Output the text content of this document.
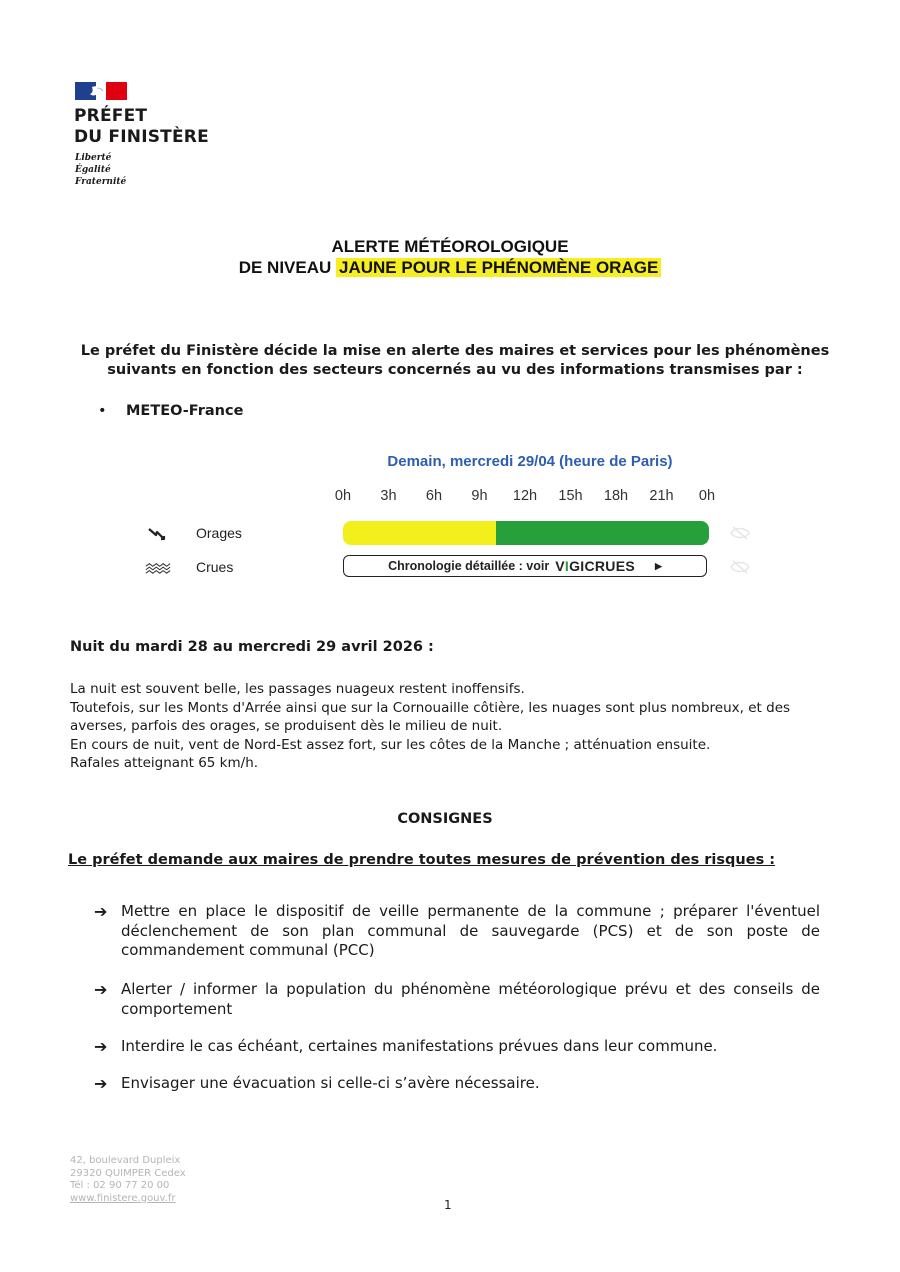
PRÉFET
DU FINISTÈRE
Liberté
Égalité
Fraternité
ALERTE MÉTÉOROLOGIQUE
DE NIVEAU JAUNE POUR LE PHÉNOMÈNE ORAGE
Le préfet du Finistère décide la mise en alerte des maires et services pour les phénomènes suivants en fonction des secteurs concernés au vu des informations transmises par :
• METEO-France
Demain, mercredi 29/04 (heure de Paris)
0h	3h	6h	9h	12h 15h 18h 21h	0h
Orages
Crues	Chronologie détaillée : voir VIGICRUES ▶
Nuit du mardi 28 au mercredi 29 avril 2026 :
La nuit est souvent belle, les passages nuageux restent inoffensifs.
Toutefois, sur les Monts d'Arrée ainsi que sur la Cornouaille côtière, les nuages sont plus nombreux, et des averses, parfois des orages, se produisent dès le milieu de nuit.
En cours de nuit, vent de Nord-Est assez fort, sur les côtes de la Manche ; atténuation ensuite.
Rafales atteignant 65 km/h.
CONSIGNES
Le préfet demande aux maires de prendre toutes mesures de prévention des risques :
➔ Mettre en place le dispositif de veille permanente de la commune ; préparer l'éventuel déclenchement de son plan communal de sauvegarde (PCS) et de son poste de commandement communal (PCC)
➔ Alerter / informer la population du phénomène météorologique prévu et des conseils de comportement
➔ Interdire le cas échéant, certaines manifestations prévues dans leur commune.
➔ Envisager une évacuation si celle-ci s’avère nécessaire.
42, boulevard Dupleix
29320 QUIMPER Cedex
Tél : 02 90 77 20 00
www.finistere.gouv.fr	1
